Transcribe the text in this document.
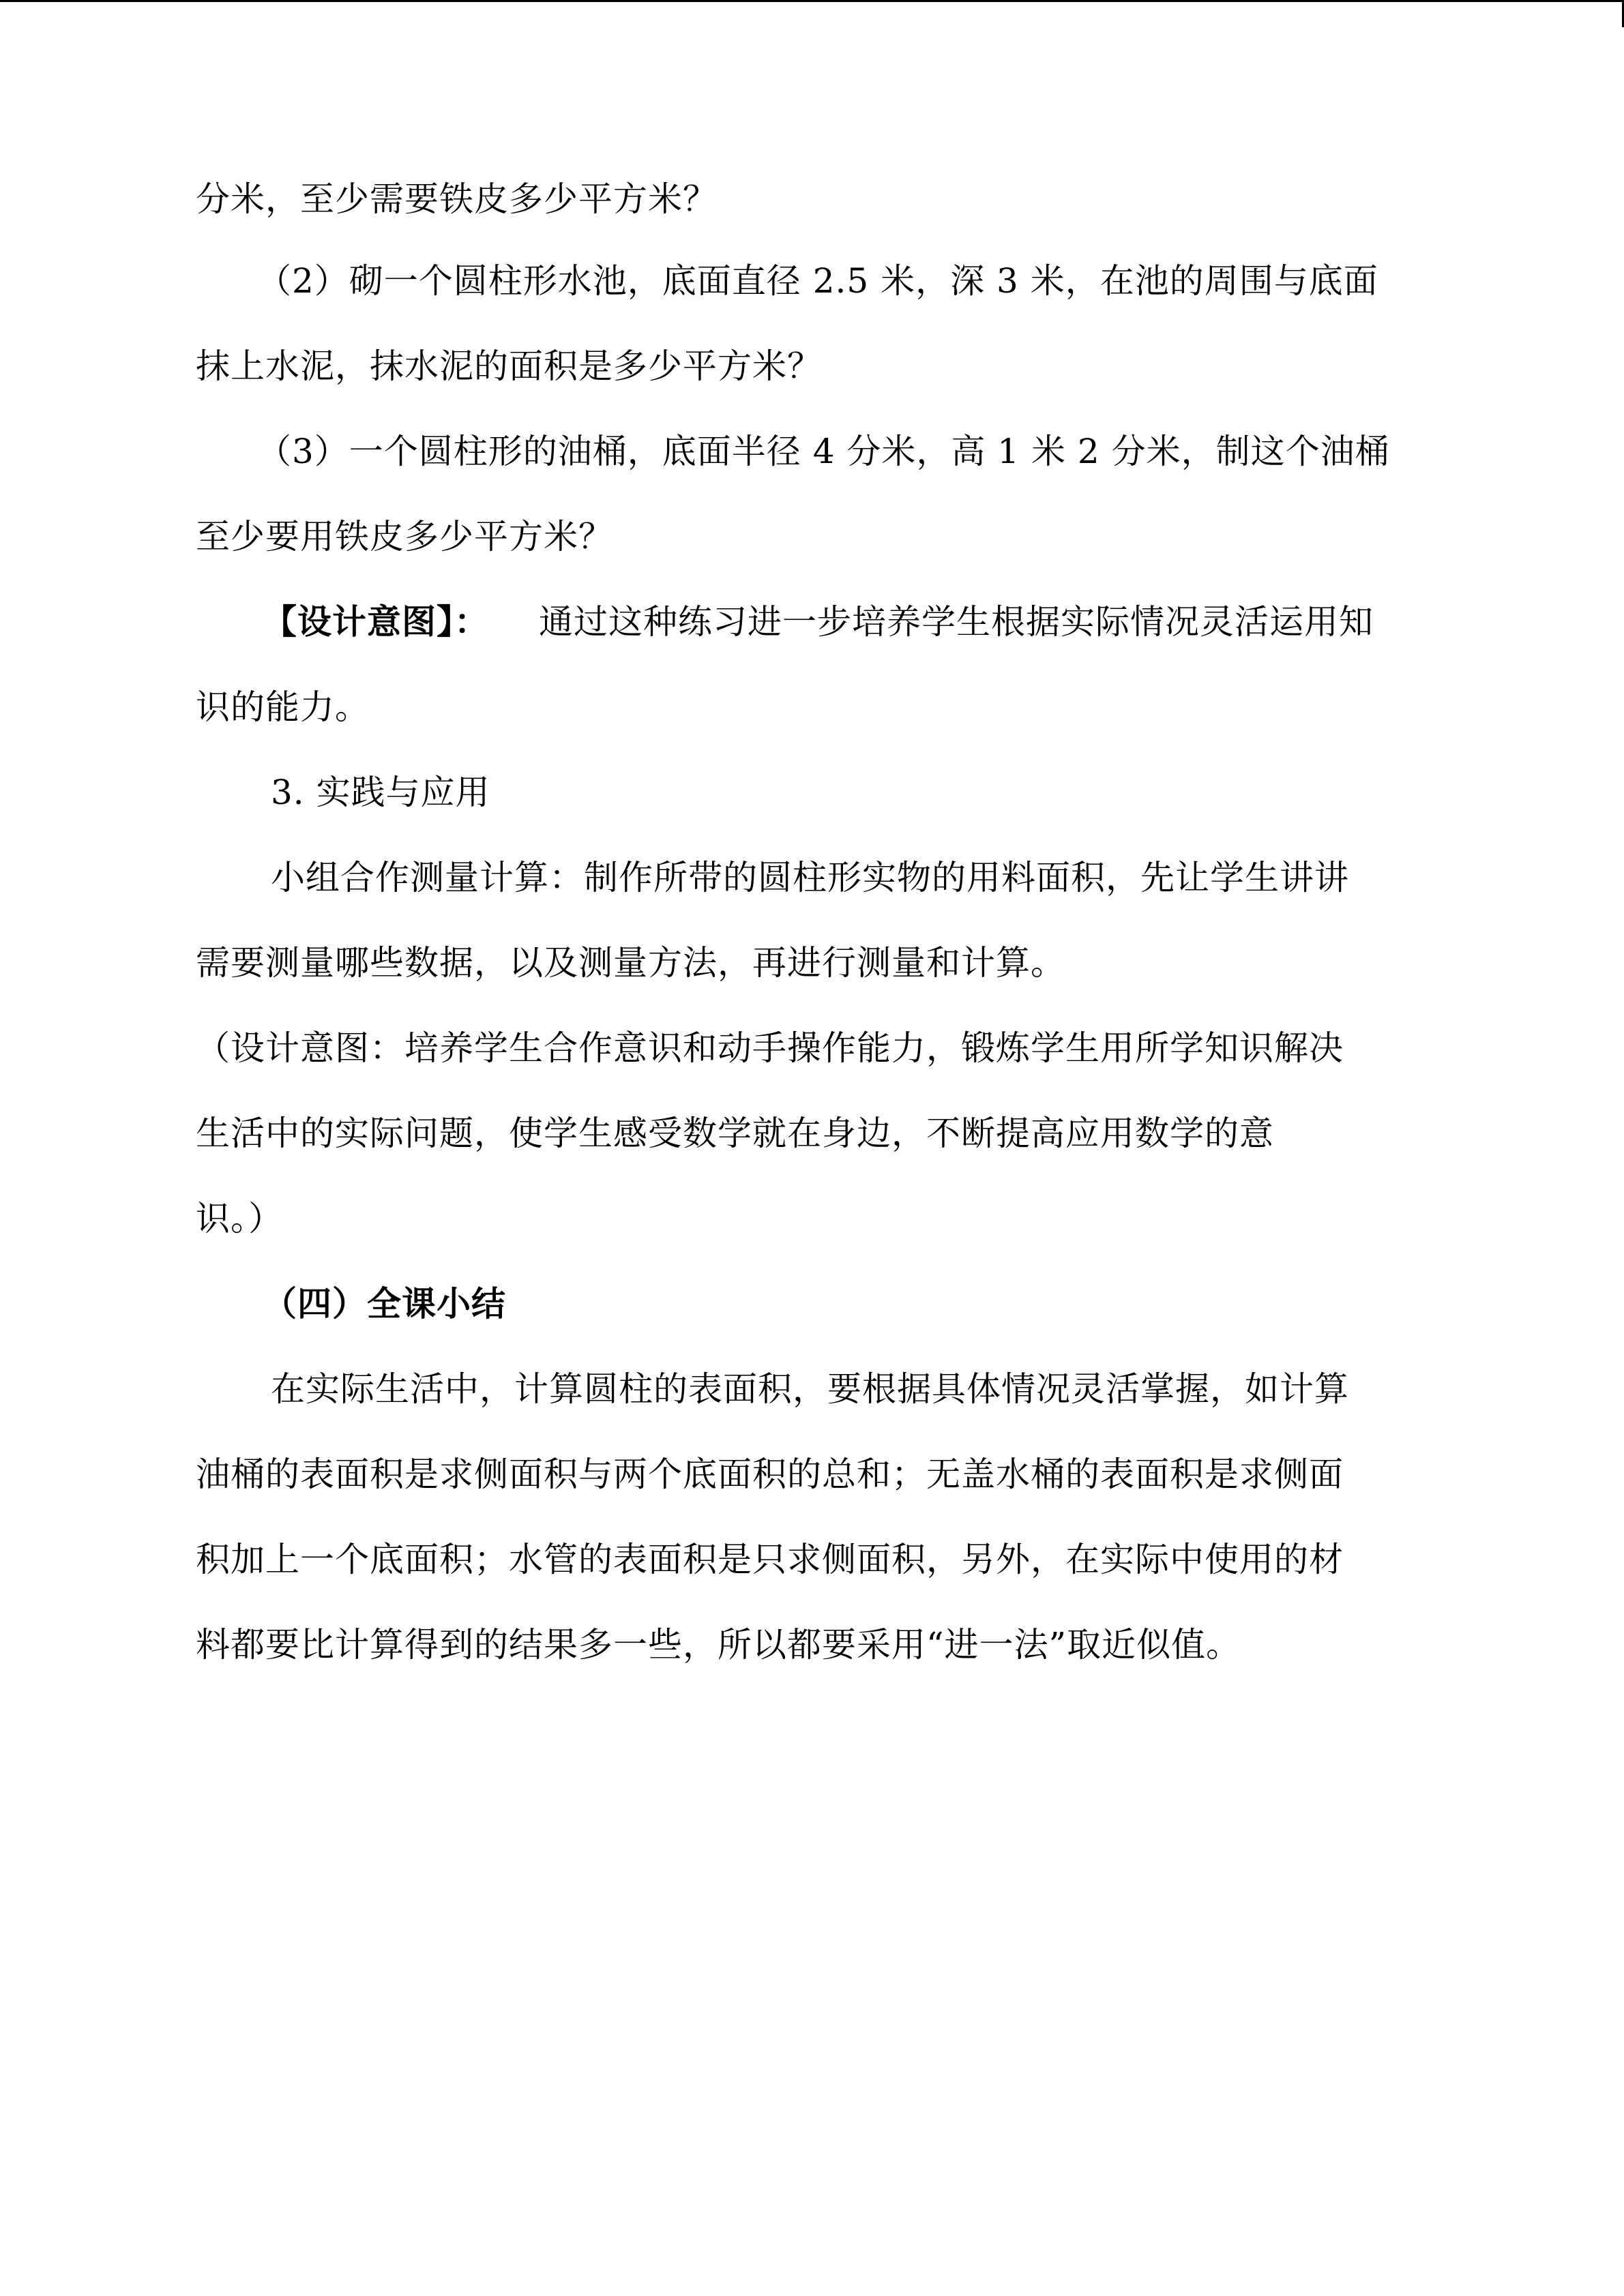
分米，至少需要铁皮多少平方米？

（2）砌一个圆柱形水池，底面直径 2.5 米，深 3 米，在池的周围与底面

抹上水泥，抹水泥的面积是多少平方米？

（3）一个圆柱形的油桶，底面半径 4 分米，高 1 米 2 分米，制这个油桶

至少要用铁皮多少平方米？

【设计意图】： 通过这种练习进一步培养学生根据实际情况灵活运用知

识的能力。

3. 实践与应用

小组合作测量计算：制作所带的圆柱形实物的用料面积，先让学生讲讲

需要测量哪些数据，以及测量方法，再进行测量和计算。

（设计意图：培养学生合作意识和动手操作能力，锻炼学生用所学知识解决

生活中的实际问题，使学生感受数学就在身边，不断提高应用数学的意

识。）

（四）全课小结

在实际生活中，计算圆柱的表面积，要根据具体情况灵活掌握，如计算

油桶的表面积是求侧面积与两个底面积的总和；无盖水桶的表面积是求侧面

积加上一个底面积；水管的表面积是只求侧面积，另外，在实际中使用的材

料都要比计算得到的结果多一些，所以都要采用“进一法”取近似值。
